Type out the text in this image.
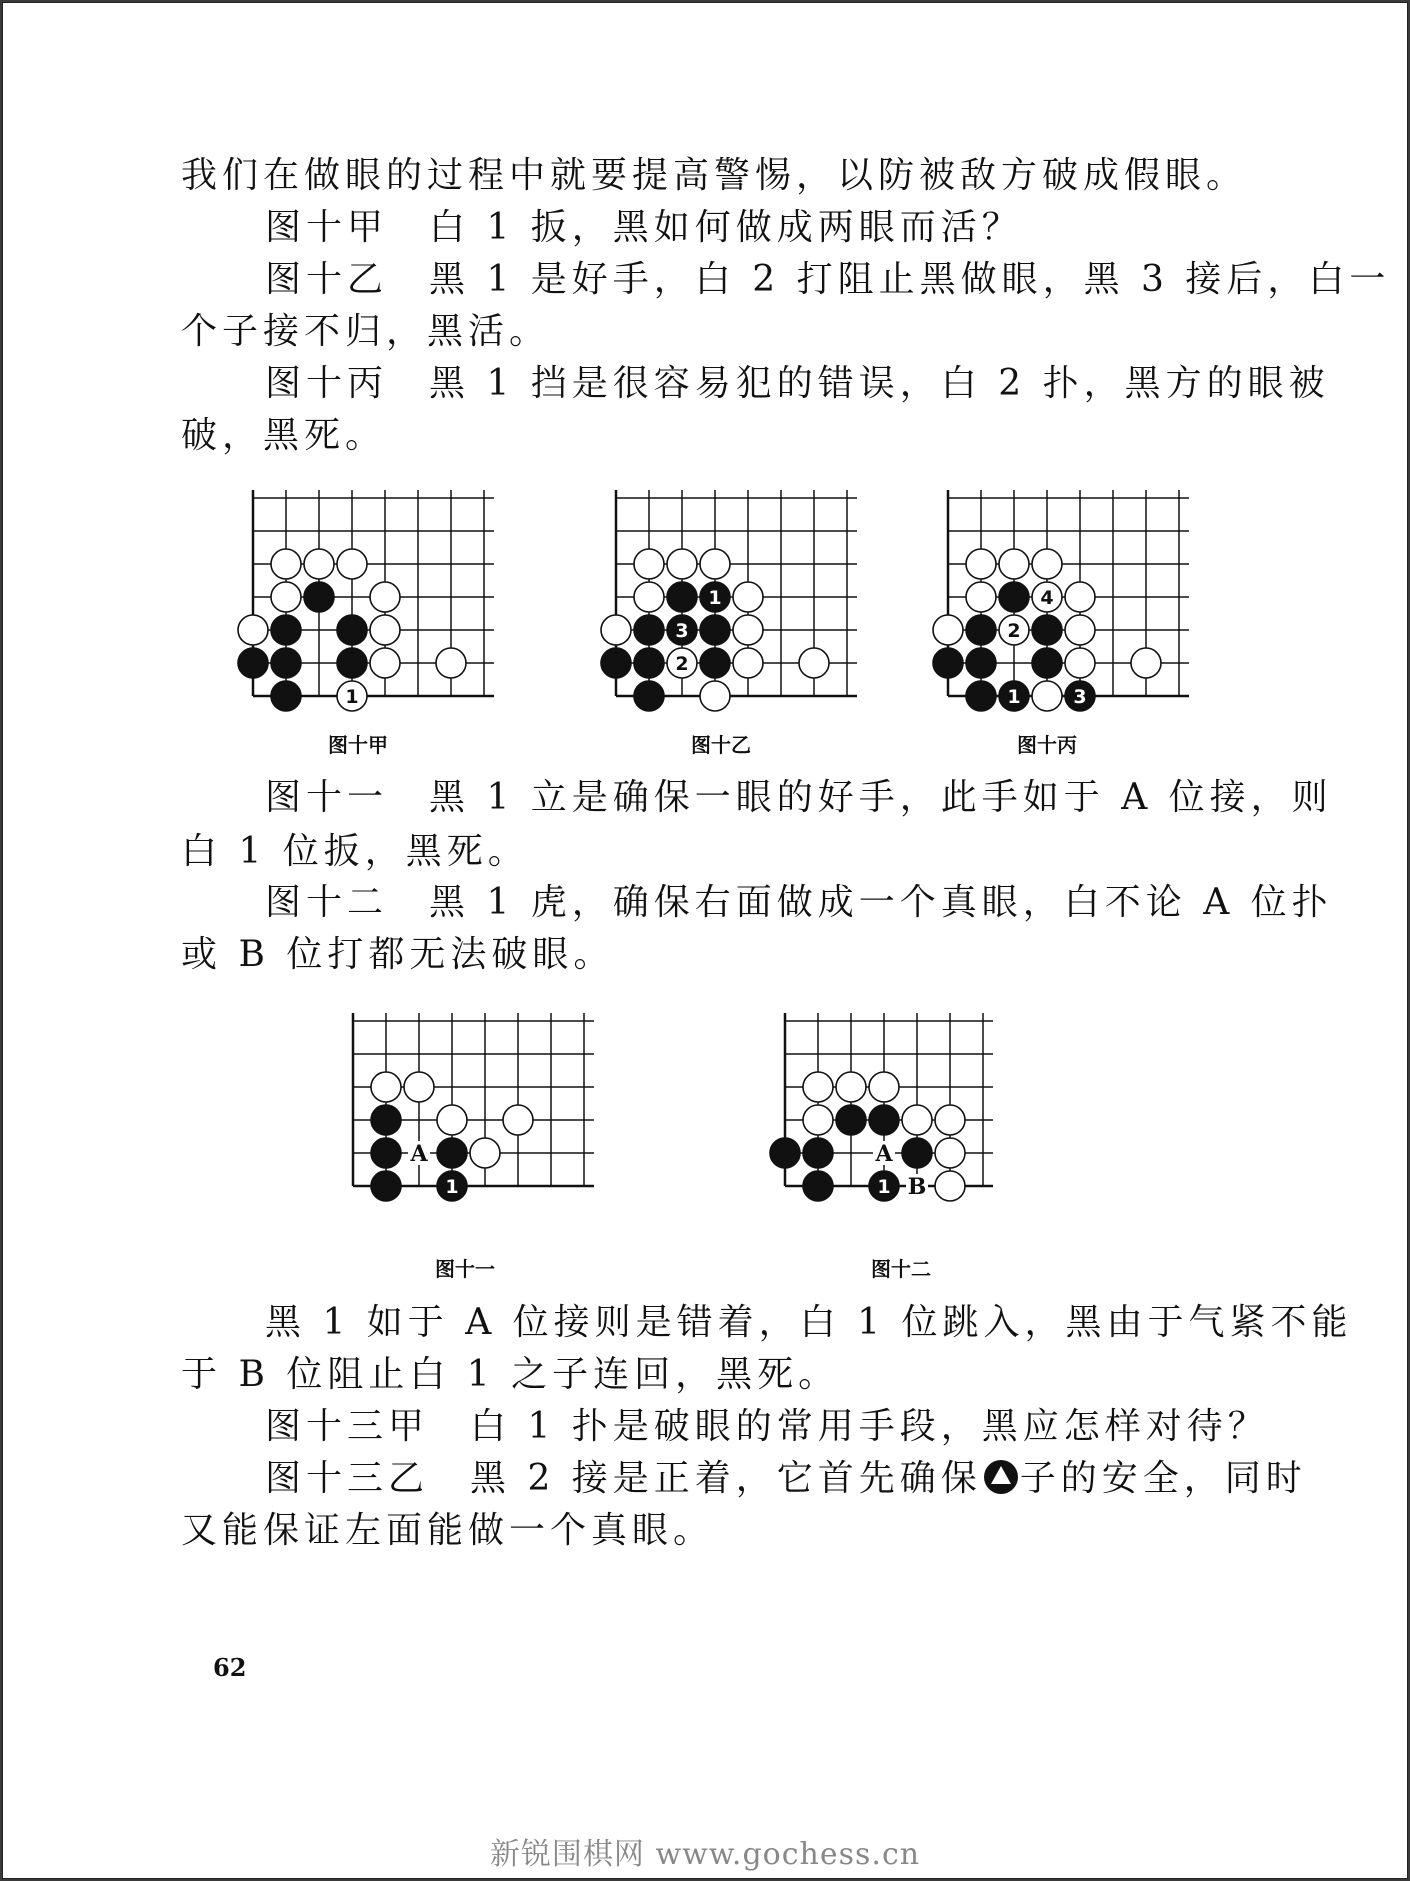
我们在做眼的过程中就要提高警惕，以防被敌方破成假眼。
图十甲　白 1 扳，黑如何做成两眼而活？
图十乙　黑 1 是好手，白 2 打阻止黑做眼，黑 3 接后，白一
个子接不归，黑活。
图十丙　黑 1 挡是很容易犯的错误，白 2 扑，黑方的眼被
破，黑死。
1
图十甲
1
3
2
图十乙
4
2
1	3
图十丙
图十一　黑 1 立是确保一眼的好手，此手如于 A 位接，则
白 1 位扳，黑死。
图十二　黑 1 虎，确保右面做成一个真眼，白不论 A 位扑
或 B 位打都无法破眼。
A
1
图十一
A
B
1
图十二
黑 1 如于 A 位接则是错着，白 1 位跳入，黑由于气紧不能
于 B 位阻止白 1 之子连回，黑死。
图十三甲　白 1 扑是破眼的常用手段，黑应怎样对待？
图十三乙　黑 2 接是正着，它首先确保 子的安全，同时
又能保证左面能做一个真眼。
62
新锐围棋网 www.gochess.cn
